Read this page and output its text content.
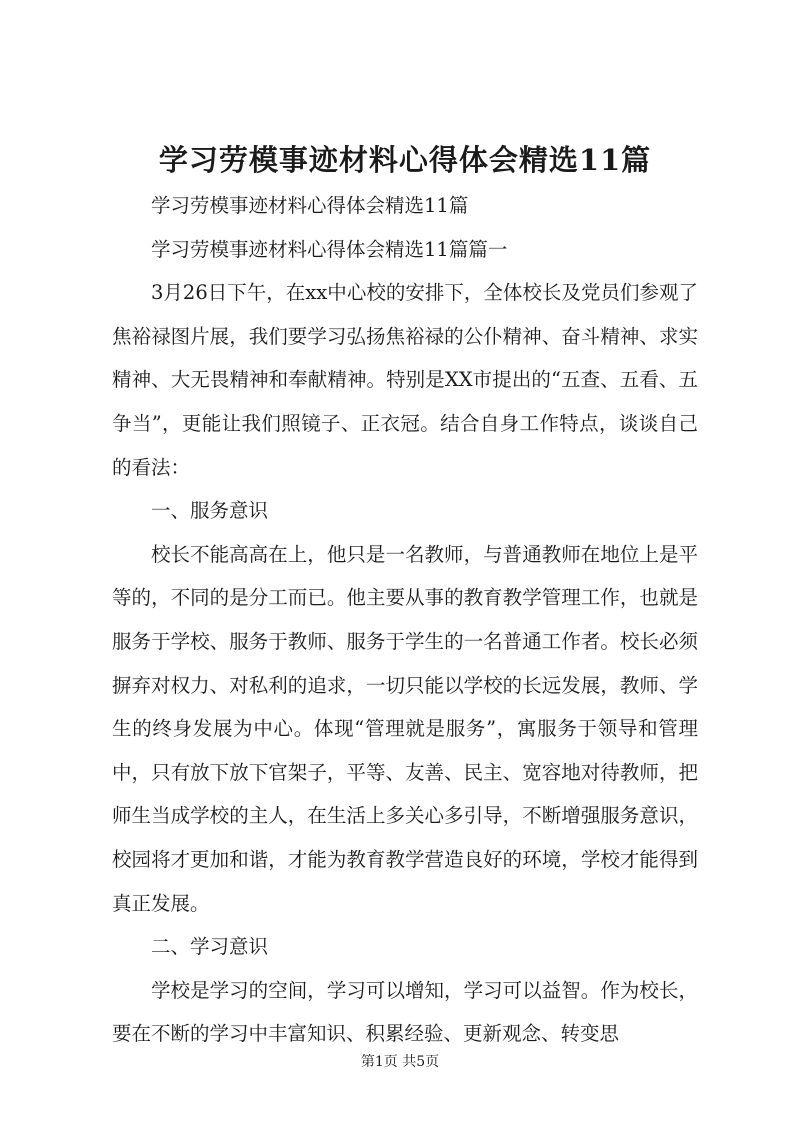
学习劳模事迹材料心得体会精选11篇

学习劳模事迹材料心得体会精选11篇

学习劳模事迹材料心得体会精选11篇篇一

3月26日下午，在xx中心校的安排下，全体校长及党员们参观了焦裕禄图片展，我们要学习弘扬焦裕禄的公仆精神、奋斗精神、求实精神、大无畏精神和奉献精神。特别是XX市提出的“五查、五看、五争当”，更能让我们照镜子、正衣冠。结合自身工作特点，谈谈自己的看法：

一、服务意识

校长不能高高在上，他只是一名教师，与普通教师在地位上是平等的，不同的是分工而已。他主要从事的教育教学管理工作，也就是服务于学校、服务于教师、服务于学生的一名普通工作者。校长必须摒弃对权力、对私利的追求，一切只能以学校的长远发展，教师、学生的终身发展为中心。体现“管理就是服务”，寓服务于领导和管理中，只有放下放下官架子，平等、友善、民主、宽容地对待教师，把师生当成学校的主人，在生活上多关心多引导，不断增强服务意识，校园将才更加和谐，才能为教育教学营造良好的环境，学校才能得到真正发展。

二、学习意识

学校是学习的空间，学习可以增知，学习可以益智。作为校长，要在不断的学习中丰富知识、积累经验、更新观念、转变思

第1页 共5页
